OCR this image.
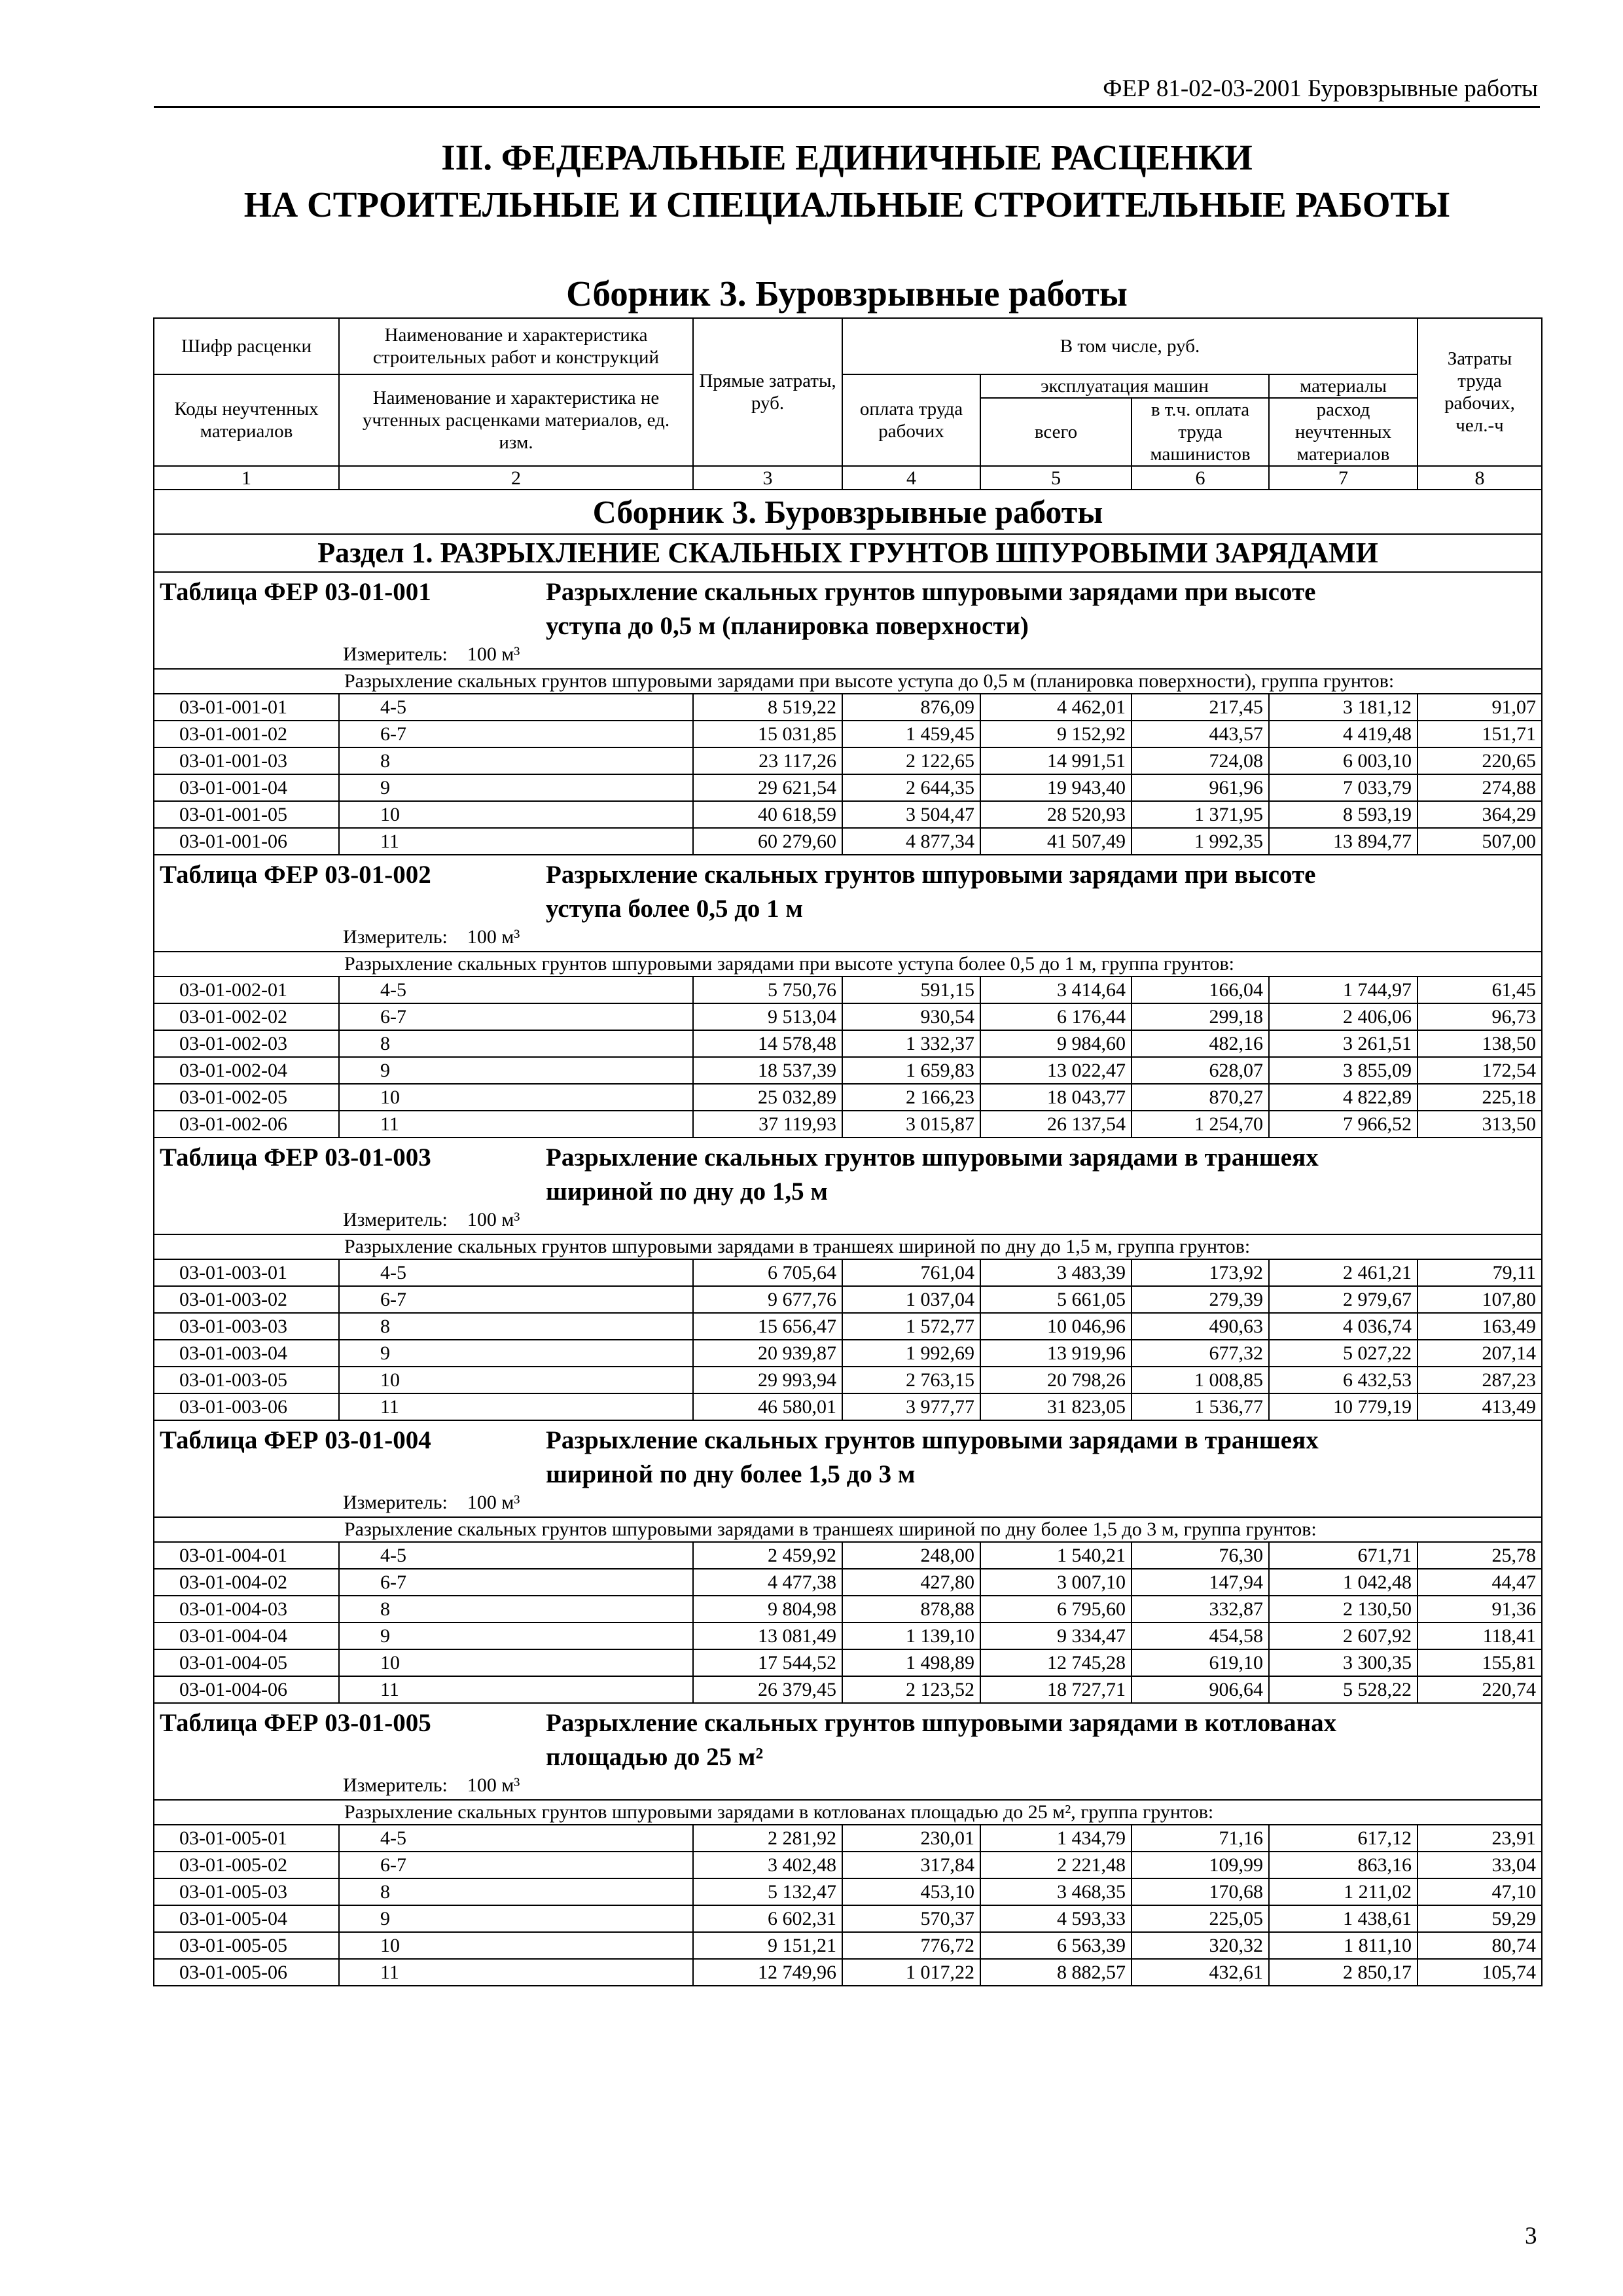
ФЕР 81-02-03-2001 Буровзрывные работы
III. ФЕДЕРАЛЬНЫЕ ЕДИНИЧНЫЕ РАСЦЕНКИ
НА СТРОИТЕЛЬНЫЕ И СПЕЦИАЛЬНЫЕ СТРОИТЕЛЬНЫЕ РАБОТЫ
Сборник 3. Буровзрывные работы
Шифр расценки	Наименование и характеристика строительных работ и конструкций	Прямые затраты, руб.	В том числе, руб.				Затраты труда рабочих, чел.-ч
Коды неучтенных материалов	Наименование и характеристика не учтенных расценками материалов, ед. изм.		оплата труда рабочих	эксплуатация машин		материалы	
				всего	в т.ч. оплата труда машинистов	расход неучтенных материалов	
1	2	3	4	5	6	7	8
Сборник 3. Буровзрывные работы							
Раздел 1. РАЗРЫХЛЕНИЕ СКАЛЬНЫХ ГРУНТОВ ШПУРОВЫМИ ЗАРЯДАМИ							

Таблица ФЕР 03-01-001 Разрыхление скальных грунтов шпуровыми зарядами при высоте уступа до 0,5 м (планировка поверхности)
Измеритель: 100 м³							

Разрыхление скальных грунтов шпуровыми зарядами при высоте уступа до 0,5 м (планировка поверхности), группа грунтов:							
03-01-001-01	4-5	8 519,22	876,09	4 462,01	217,45	3 181,12	91,07
03-01-001-02	6-7	15 031,85	1 459,45	9 152,92	443,57	4 419,48	151,71
03-01-001-03	8	23 117,26	2 122,65	14 991,51	724,08	6 003,10	220,65
03-01-001-04	9	29 621,54	2 644,35	19 943,40	961,96	7 033,79	274,88
03-01-001-05	10	40 618,59	3 504,47	28 520,93	1 371,95	8 593,19	364,29
03-01-001-06	11	60 279,60	4 877,34	41 507,49	1 992,35	13 894,77	507,00

Таблица ФЕР 03-01-002 Разрыхление скальных грунтов шпуровыми зарядами при высоте уступа более 0,5 до 1 м
Измеритель: 100 м³							

Разрыхление скальных грунтов шпуровыми зарядами при высоте уступа более 0,5 до 1 м, группа грунтов:							
03-01-002-01	4-5	5 750,76	591,15	3 414,64	166,04	1 744,97	61,45
03-01-002-02	6-7	9 513,04	930,54	6 176,44	299,18	2 406,06	96,73
03-01-002-03	8	14 578,48	1 332,37	9 984,60	482,16	3 261,51	138,50
03-01-002-04	9	18 537,39	1 659,83	13 022,47	628,07	3 855,09	172,54
03-01-002-05	10	25 032,89	2 166,23	18 043,77	870,27	4 822,89	225,18
03-01-002-06	11	37 119,93	3 015,87	26 137,54	1 254,70	7 966,52	313,50

Таблица ФЕР 03-01-003 Разрыхление скальных грунтов шпуровыми зарядами в траншеях шириной по дну до 1,5 м
Измеритель: 100 м³							

Разрыхление скальных грунтов шпуровыми зарядами в траншеях шириной по дну до 1,5 м, группа грунтов:							
03-01-003-01	4-5	6 705,64	761,04	3 483,39	173,92	2 461,21	79,11
03-01-003-02	6-7	9 677,76	1 037,04	5 661,05	279,39	2 979,67	107,80
03-01-003-03	8	15 656,47	1 572,77	10 046,96	490,63	4 036,74	163,49
03-01-003-04	9	20 939,87	1 992,69	13 919,96	677,32	5 027,22	207,14
03-01-003-05	10	29 993,94	2 763,15	20 798,26	1 008,85	6 432,53	287,23
03-01-003-06	11	46 580,01	3 977,77	31 823,05	1 536,77	10 779,19	413,49

Таблица ФЕР 03-01-004 Разрыхление скальных грунтов шпуровыми зарядами в траншеях шириной по дну более 1,5 до 3 м
Измеритель: 100 м³							

Разрыхление скальных грунтов шпуровыми зарядами в траншеях шириной по дну более 1,5 до 3 м, группа грунтов:							
03-01-004-01	4-5	2 459,92	248,00	1 540,21	76,30	671,71	25,78
03-01-004-02	6-7	4 477,38	427,80	3 007,10	147,94	1 042,48	44,47
03-01-004-03	8	9 804,98	878,88	6 795,60	332,87	2 130,50	91,36
03-01-004-04	9	13 081,49	1 139,10	9 334,47	454,58	2 607,92	118,41
03-01-004-05	10	17 544,52	1 498,89	12 745,28	619,10	3 300,35	155,81
03-01-004-06	11	26 379,45	2 123,52	18 727,71	906,64	5 528,22	220,74

Таблица ФЕР 03-01-005 Разрыхление скальных грунтов шпуровыми зарядами в котлованах площадью до 25 м²
Измеритель: 100 м³							

Разрыхление скальных грунтов шпуровыми зарядами в котлованах площадью до 25 м², группа грунтов:							
03-01-005-01	4-5	2 281,92	230,01	1 434,79	71,16	617,12	23,91
03-01-005-02	6-7	3 402,48	317,84	2 221,48	109,99	863,16	33,04
03-01-005-03	8	5 132,47	453,10	3 468,35	170,68	1 211,02	47,10
03-01-005-04	9	6 602,31	570,37	4 593,33	225,05	1 438,61	59,29
03-01-005-05	10	9 151,21	776,72	6 563,39	320,32	1 811,10	80,74
03-01-005-06	11	12 749,96	1 017,22	8 882,57	432,61	2 850,17	105,74
3
